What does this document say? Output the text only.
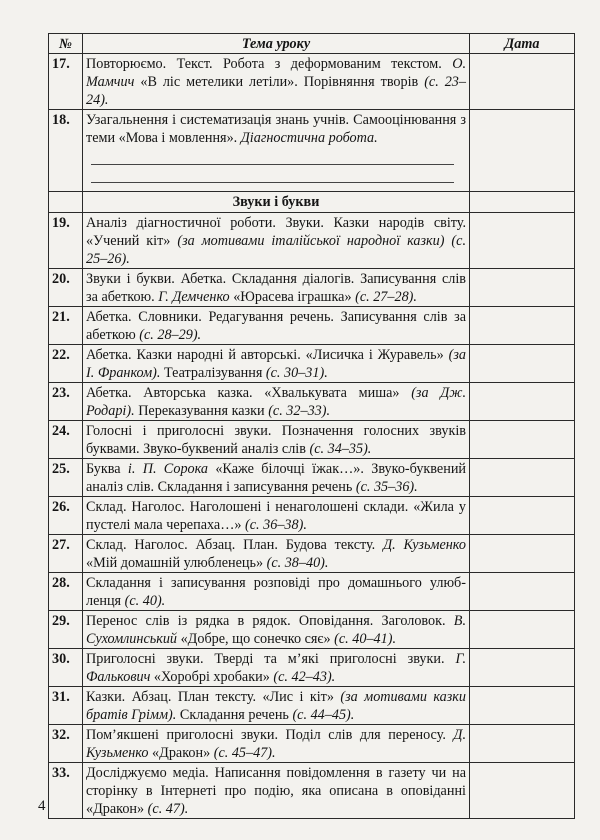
№	Тема уроку	Дата
17.	Повторюємо. Текст. Робота з деформованим текстом. О. Мамчич «В ліс метелики летіли». Порівняння творів (с. 23–24).	
18.	Узагальнення і систематизація знань учнів. Самооцінювання з теми «Мова і мовлення». Діагностична робота.

	Звуки і букви	
19.	Аналіз діагностичної роботи. Звуки. Казки народів світу. «Учений кіт» (за мотивами італійської народної казки) (с. 25–26).	
20.	Звуки і букви. Абетка. Складання діалогів. Записування слів за абеткою. Г. Демченко «Юрасева іграшка» (с. 27–28).	
21.	Абетка. Словники. Редагування речень. Записування слів за абеткою (с. 28–29).	
22.	Абетка. Казки народні й авторські. «Лисичка і Журавель» (за І. Франком). Театралізування (с. 30–31).	
23.	Абетка. Авторська казка. «Хвалькувата миша» (за Дж. Родарі). Переказування казки (с. 32–33).	
24.	Голосні і приголосні звуки. Позначення голосних звуків буквами. Звуко-буквений аналіз слів (с. 34–35).	
25.	Буква і. П. Сорока «Каже білочці їжак…». Звуко-буквений аналіз слів. Складання і записування речень (с. 35–36).	
26.	Склад. Наголос. Наголошені і ненаголошені склади. «Жила у пустелі мала черепаха…» (с. 36–38).	
27.	Склад. Наголос. Абзац. План. Будова тексту. Д. Кузьменко «Мій домашній улюбленець» (с. 38–40).	
28.	Складання і записування розповіді про домашнього улюбленця (с. 40).	
29.	Перенос слів із рядка в рядок. Оповідання. Заголовок. В. Сухомлинський «Добре, що сонечко сяє» (с. 40–41).	
30.	Приголосні звуки. Тверді та м’які приголосні звуки. Г. Фалькович «Хоробрі хробаки» (с. 42–43).	
31.	Казки. Абзац. План тексту. «Лис і кіт» (за мотивами казки братів Грімм). Складання речень (с. 44–45).	
32.	Пом’якшені приголосні звуки. Поділ слів для переносу. Д. Кузьменко «Дракон» (с. 45–47).	
33.	Досліджуємо медіа. Написання повідомлення в газету чи на сторінку в Інтернеті про подію, яка описана в оповіданні «Дракон» (с. 47).	
4
